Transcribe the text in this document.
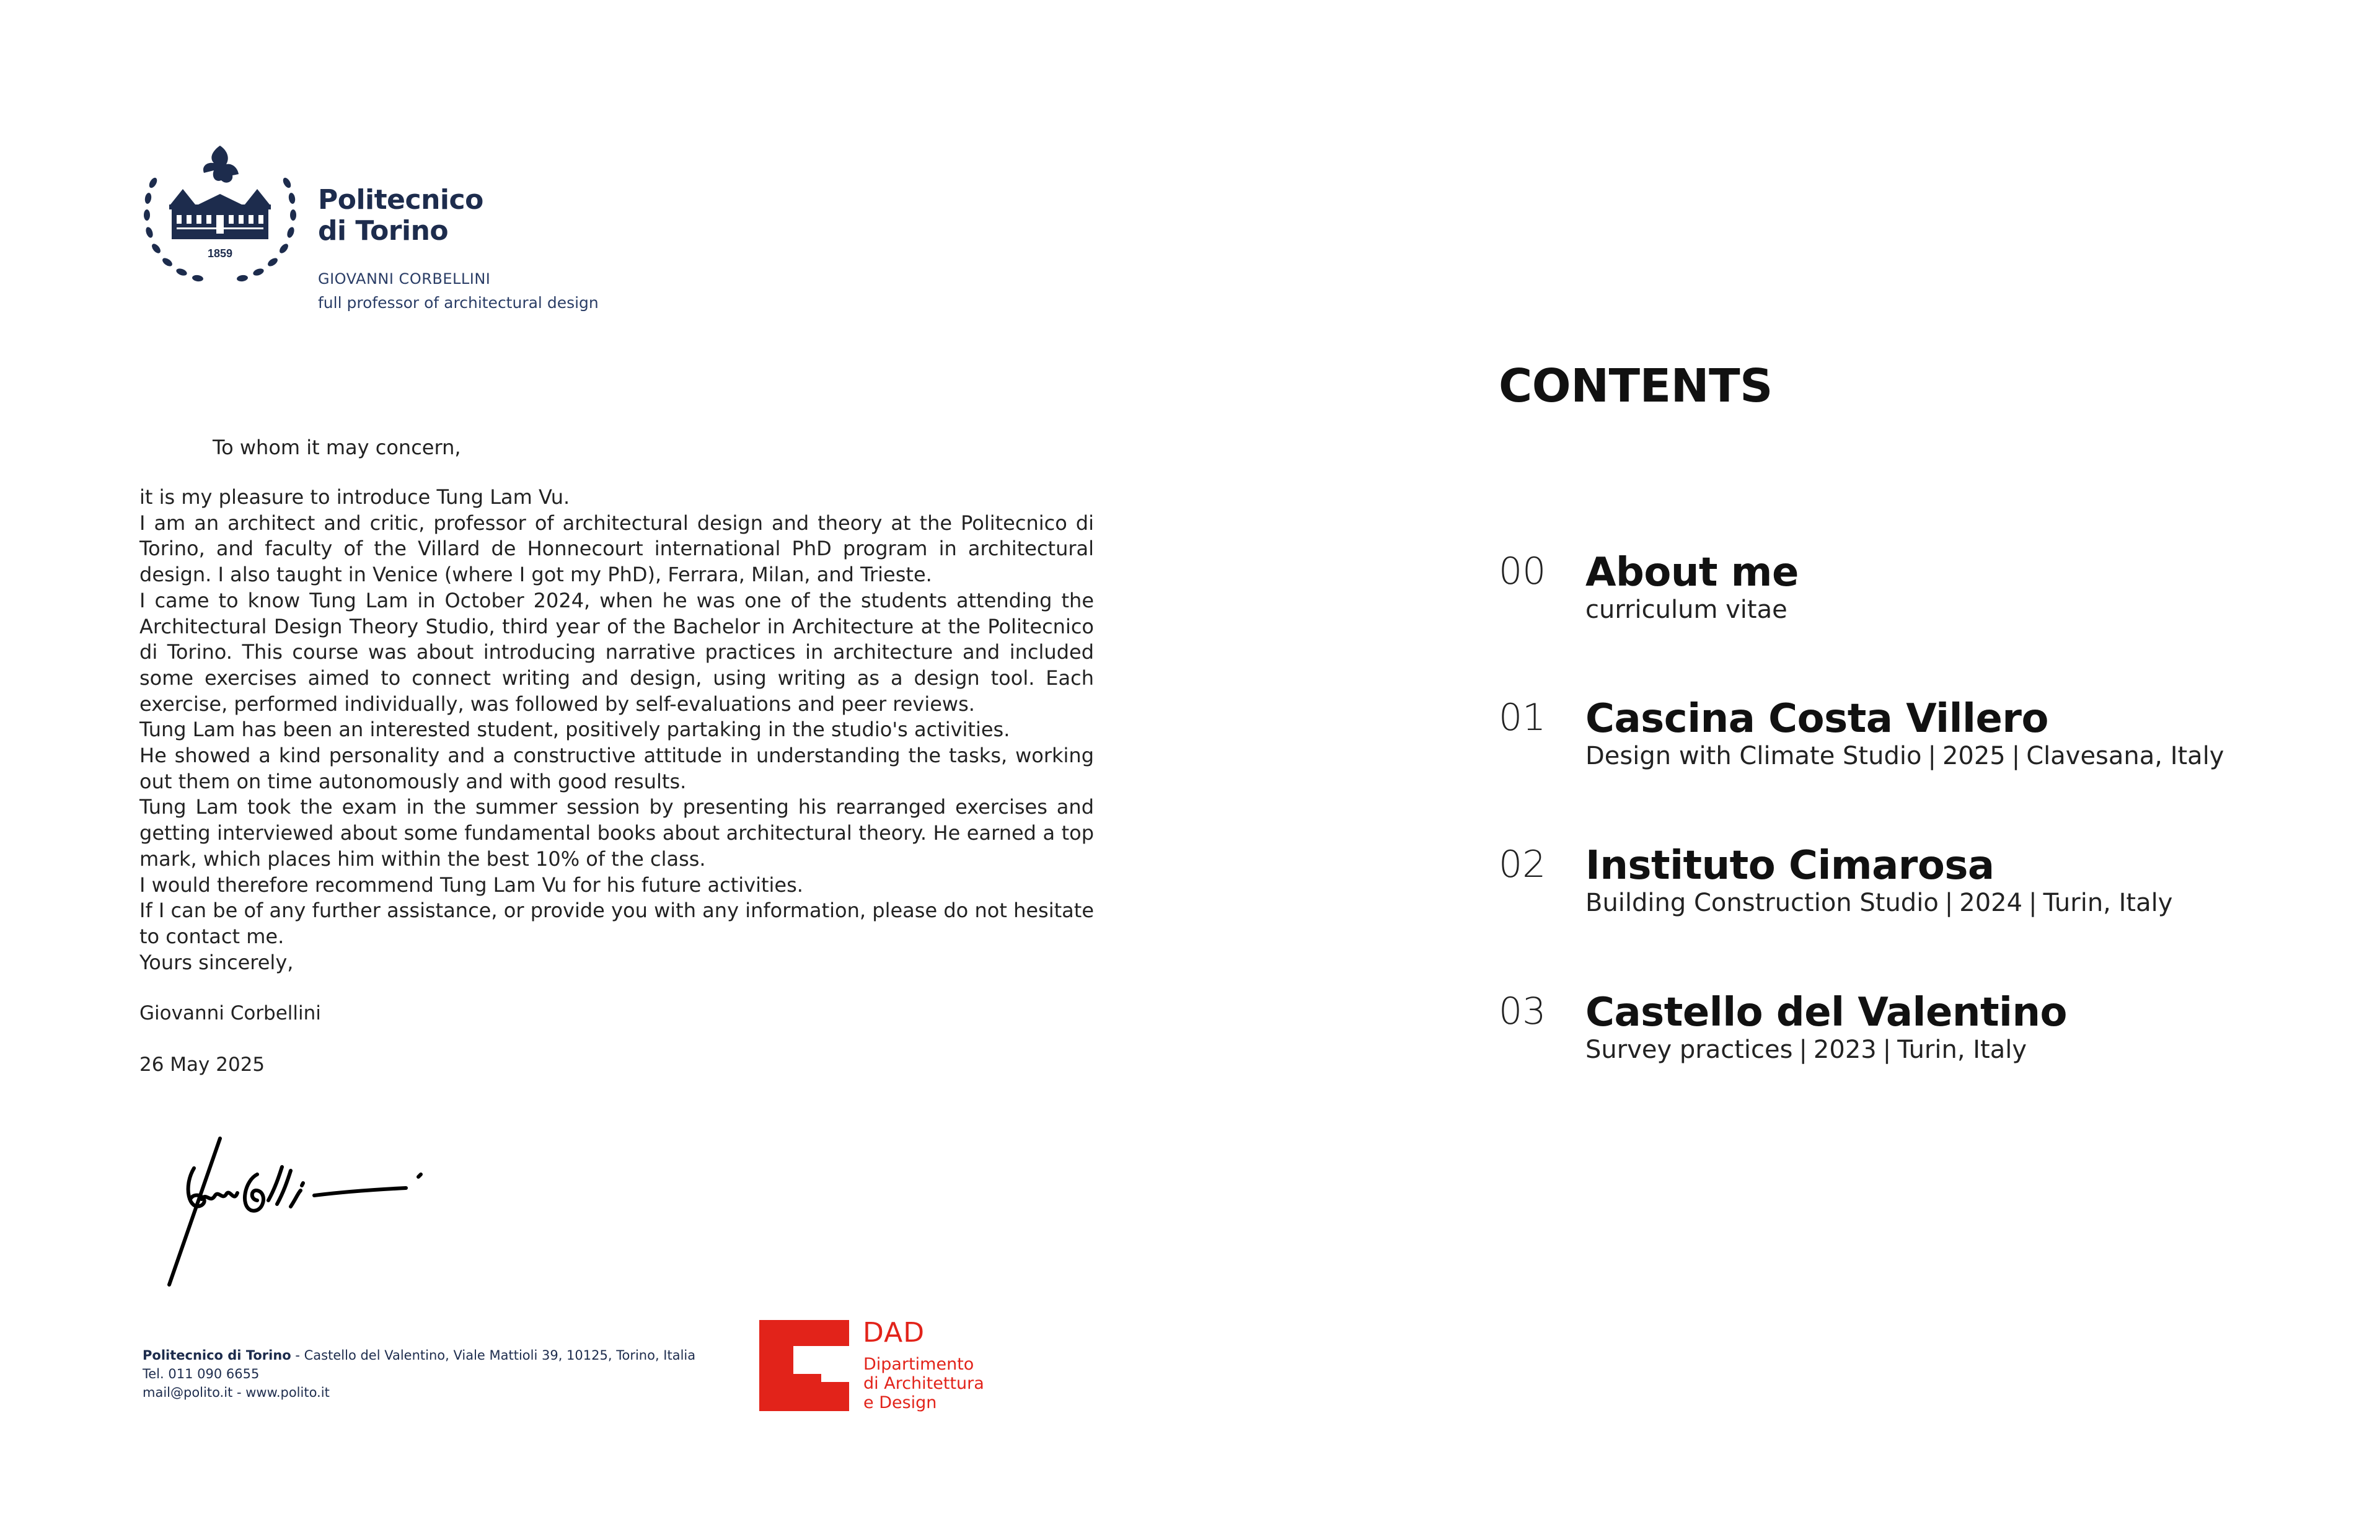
1859
Politecnico
di Torino
GIOVANNI CORBELLINI
full professor of architectural design
To whom it may concern,

it is my pleasure to introduce Tung Lam Vu.

I am an architect and critic, professor of architectural design and theory at the Politecnico di Torino, and faculty of the Villard de Honnecourt international PhD program in architectural design. I also taught in Venice (where I got my PhD), Ferrara, Milan, and Trieste.

I came to know Tung Lam in October 2024, when he was one of the students attending the Architectural Design Theory Studio, third year of the Bachelor in Architecture at the Politecnico di Torino. This course was about introducing narrative practices in architecture and included some exercises aimed to connect writing and design, using writing as a design tool. Each exercise, performed individually, was followed by self-evaluations and peer reviews.

Tung Lam has been an interested student, positively partaking in the studio's activities.

He showed a kind personality and a constructive attitude in understanding the tasks, working out them on time autonomously and with good results.

Tung Lam took the exam in the summer session by presenting his rearranged exercises and getting interviewed about some fundamental books about architectural theory. He earned a top mark, which places him within the best 10% of the class.

I would therefore recommend Tung Lam Vu for his future activities.

If I can be of any further assistance, or provide you with any information, please do not hesitate to contact me.

Yours sincerely,

Giovanni Corbellini
26 May 2025
Politecnico di Torino - Castello del Valentino, Viale Mattioli 39, 10125, Torino, Italia
Tel. 011 090 6655
mail@polito.it - www.polito.it
DAD
Dipartimento
di Architettura
e Design
CONTENTS
00 About me
curriculum vitae
01 Cascina Costa Villero
Design with Climate Studio | 2025 | Clavesana, Italy
02 Instituto Cimarosa
Building Construction Studio | 2024 | Turin, Italy
03 Castello del Valentino
Survey practices | 2023 | Turin, Italy
